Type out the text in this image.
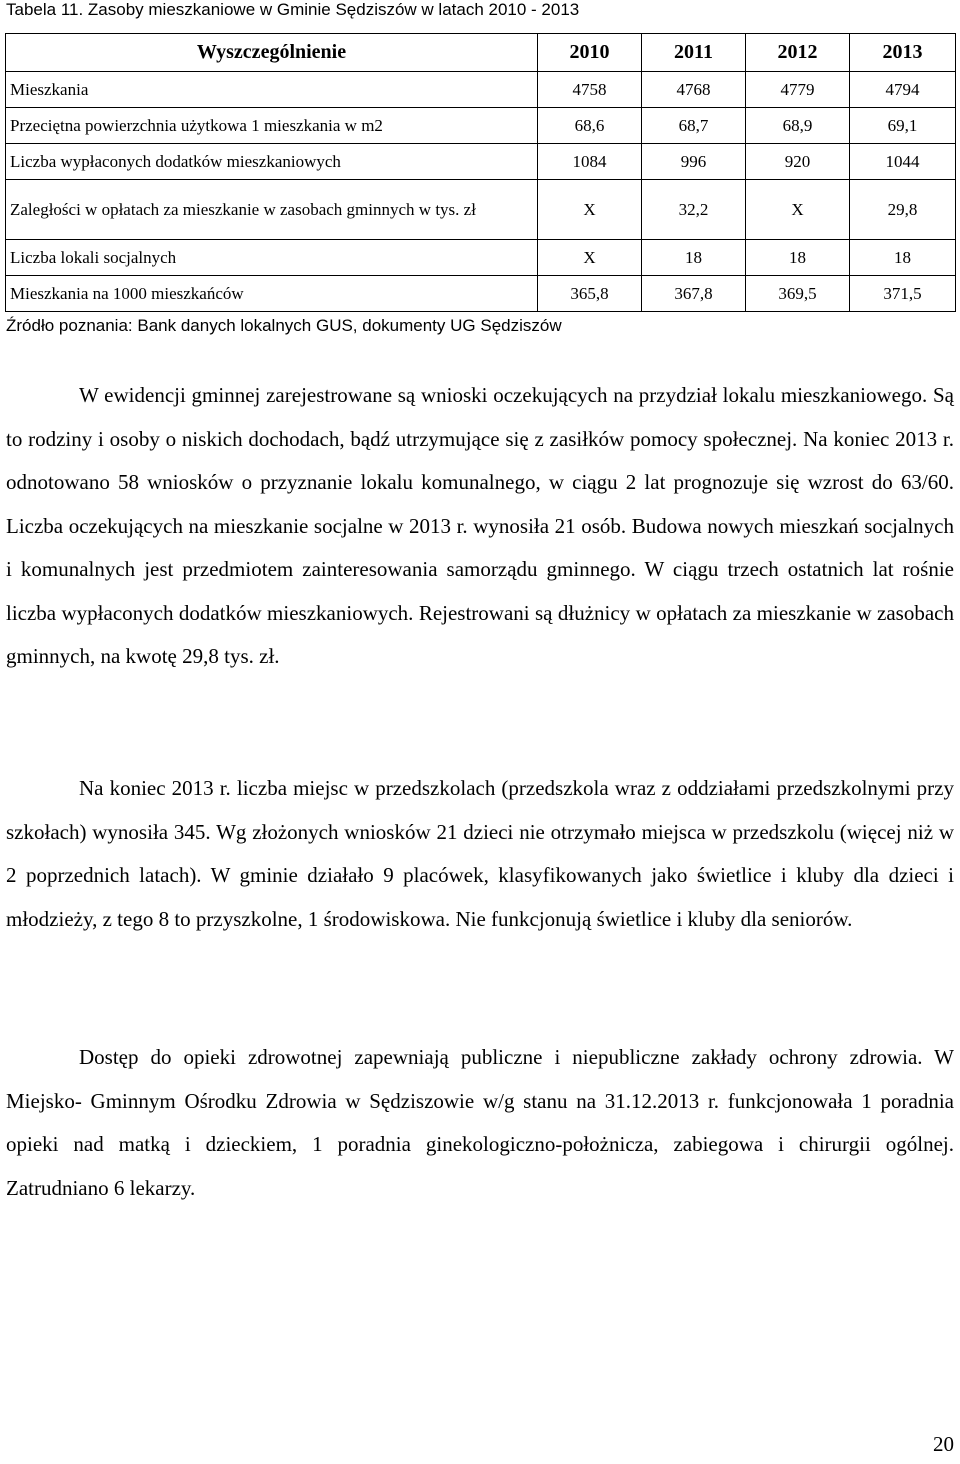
Tabela 11. Zasoby mieszkaniowe w Gminie Sędziszów w latach 2010 - 2013
Wyszczególnienie	2010	2011	2012	2013
Mieszkania	4758	4768	4779	4794
Przeciętna powierzchnia użytkowa 1 mieszkania w m2	68,6	68,7	68,9	69,1
Liczba wypłaconych dodatków mieszkaniowych	1084	996	920	1044
Zaległości w opłatach za mieszkanie w zasobach gminnych w tys. zł	X	32,2	X	29,8
Liczba lokali socjalnych	X	18	18	18
Mieszkania na 1000 mieszkańców	365,8	367,8	369,5	371,5
Źródło poznania: Bank danych lokalnych GUS, dokumenty UG Sędziszów

W ewidencji gminnej zarejestrowane są wnioski oczekujących na przydział lokalu mieszkaniowego. Są to rodziny i osoby o niskich dochodach, bądź utrzymujące się z zasiłków pomocy społecznej. Na koniec 2013 r. odnotowano 58 wniosków o przyznanie lokalu komunalnego, w ciągu 2 lat prognozuje się wzrost do 63/60. Liczba oczekujących na mieszkanie socjalne w 2013 r. wynosiła 21 osób. Budowa nowych mieszkań socjalnych i komunalnych jest przedmiotem zainteresowania samorządu gminnego. W ciągu trzech ostatnich lat rośnie liczba wypłaconych dodatków mieszkaniowych. Rejestrowani są dłużnicy w opłatach za mieszkanie w zasobach gminnych, na kwotę 29,8 tys. zł.

Na koniec 2013 r. liczba miejsc w przedszkolach (przedszkola wraz z oddziałami przedszkolnymi przy szkołach) wynosiła 345. Wg złożonych wniosków 21 dzieci nie otrzymało miejsca w przedszkolu (więcej niż w 2 poprzednich latach). W gminie działało 9 placówek, klasyfikowanych jako świetlice i kluby dla dzieci i młodzieży, z tego 8 to przyszkolne, 1 środowiskowa. Nie funkcjonują świetlice i kluby dla seniorów.

Dostęp do opieki zdrowotnej zapewniają publiczne i niepubliczne zakłady ochrony zdrowia. W Miejsko- Gminnym Ośrodku Zdrowia w Sędziszowie w/g stanu na 31.12.2013 r. funkcjonowała 1 poradnia opieki nad matką i dzieckiem, 1 poradnia ginekologiczno-położnicza, zabiegowa i chirurgii ogólnej. Zatrudniano 6 lekarzy.

20
